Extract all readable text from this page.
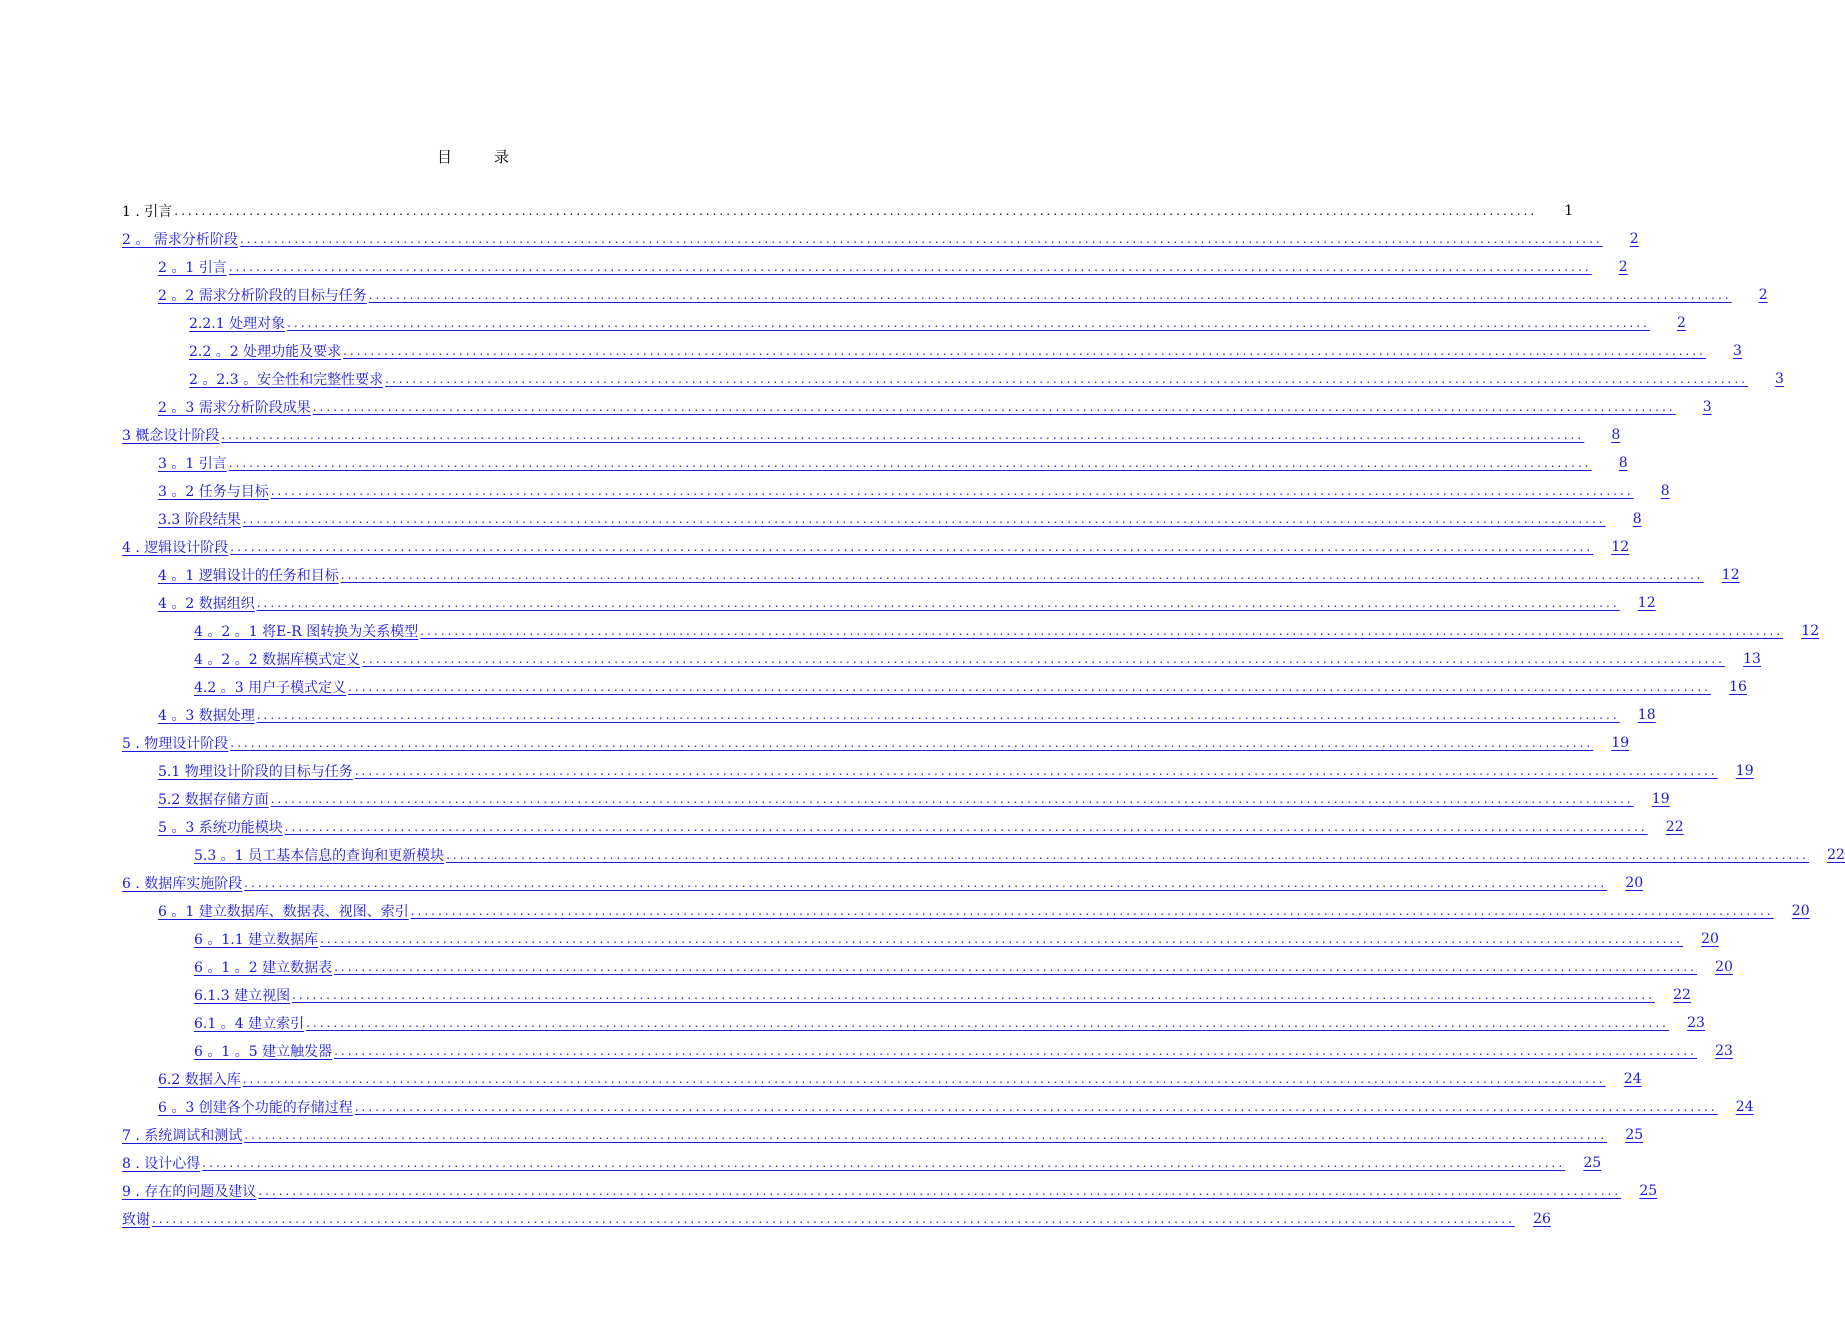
目　　录
1 . 引言 ........................................................................................................................................................................................................	1
2 。 需求分析阶段 ........................................................................................................................................................................................................	2
2 。1 引言 ........................................................................................................................................................................................................	2
2 。2 需求分析阶段的目标与任务 ........................................................................................................................................................................................................	2
2.2.1 处理对象 ........................................................................................................................................................................................................	2
2.2 。2 处理功能及要求 ........................................................................................................................................................................................................	3
2 。2.3 。安全性和完整性要求 ........................................................................................................................................................................................................	3
2 。3 需求分析阶段成果 ........................................................................................................................................................................................................	3
3 概念设计阶段 ........................................................................................................................................................................................................	8
3 。1 引言 ........................................................................................................................................................................................................	8
3 。2 任务与目标 ........................................................................................................................................................................................................	8
3.3 阶段结果 ........................................................................................................................................................................................................	8
4 . 逻辑设计阶段 ........................................................................................................................................................................................................	12
4 。1 逻辑设计的任务和目标 ........................................................................................................................................................................................................	12
4 。2 数据组织 ........................................................................................................................................................................................................	12
4 。2 。1 将E-R 图转换为关系模型 ........................................................................................................................................................................................................	12
4 。2 。2 数据库模式定义 ........................................................................................................................................................................................................	13
4.2 。3 用户子模式定义 ........................................................................................................................................................................................................	16
4 。3 数据处理 ........................................................................................................................................................................................................	18
5 . 物理设计阶段 ........................................................................................................................................................................................................	19
5.1 物理设计阶段的目标与任务 ........................................................................................................................................................................................................	19
5.2 数据存储方面 ........................................................................................................................................................................................................	19
5 。3 系统功能模块 ........................................................................................................................................................................................................	22
5.3 。1 员工基本信息的查询和更新模块 ........................................................................................................................................................................................................	22
6 . 数据库实施阶段 ........................................................................................................................................................................................................	20
6 。1 建立数据库、数据表、视图、索引 ........................................................................................................................................................................................................	20
6 。1.1 建立数据库 ........................................................................................................................................................................................................	20
6 。1 。2 建立数据表 ........................................................................................................................................................................................................	20
6.1.3 建立视图 ........................................................................................................................................................................................................	22
6.1 。4 建立索引 ........................................................................................................................................................................................................	23
6 。1 。5 建立触发器 ........................................................................................................................................................................................................	23
6.2 数据入库 ........................................................................................................................................................................................................	24
6 。3 创建各个功能的存储过程 ........................................................................................................................................................................................................	24
7 . 系统调试和测试 ........................................................................................................................................................................................................	25
8 . 设计心得 ........................................................................................................................................................................................................	25
9 . 存在的问题及建议 ........................................................................................................................................................................................................	25
致谢 ........................................................................................................................................................................................................	26
